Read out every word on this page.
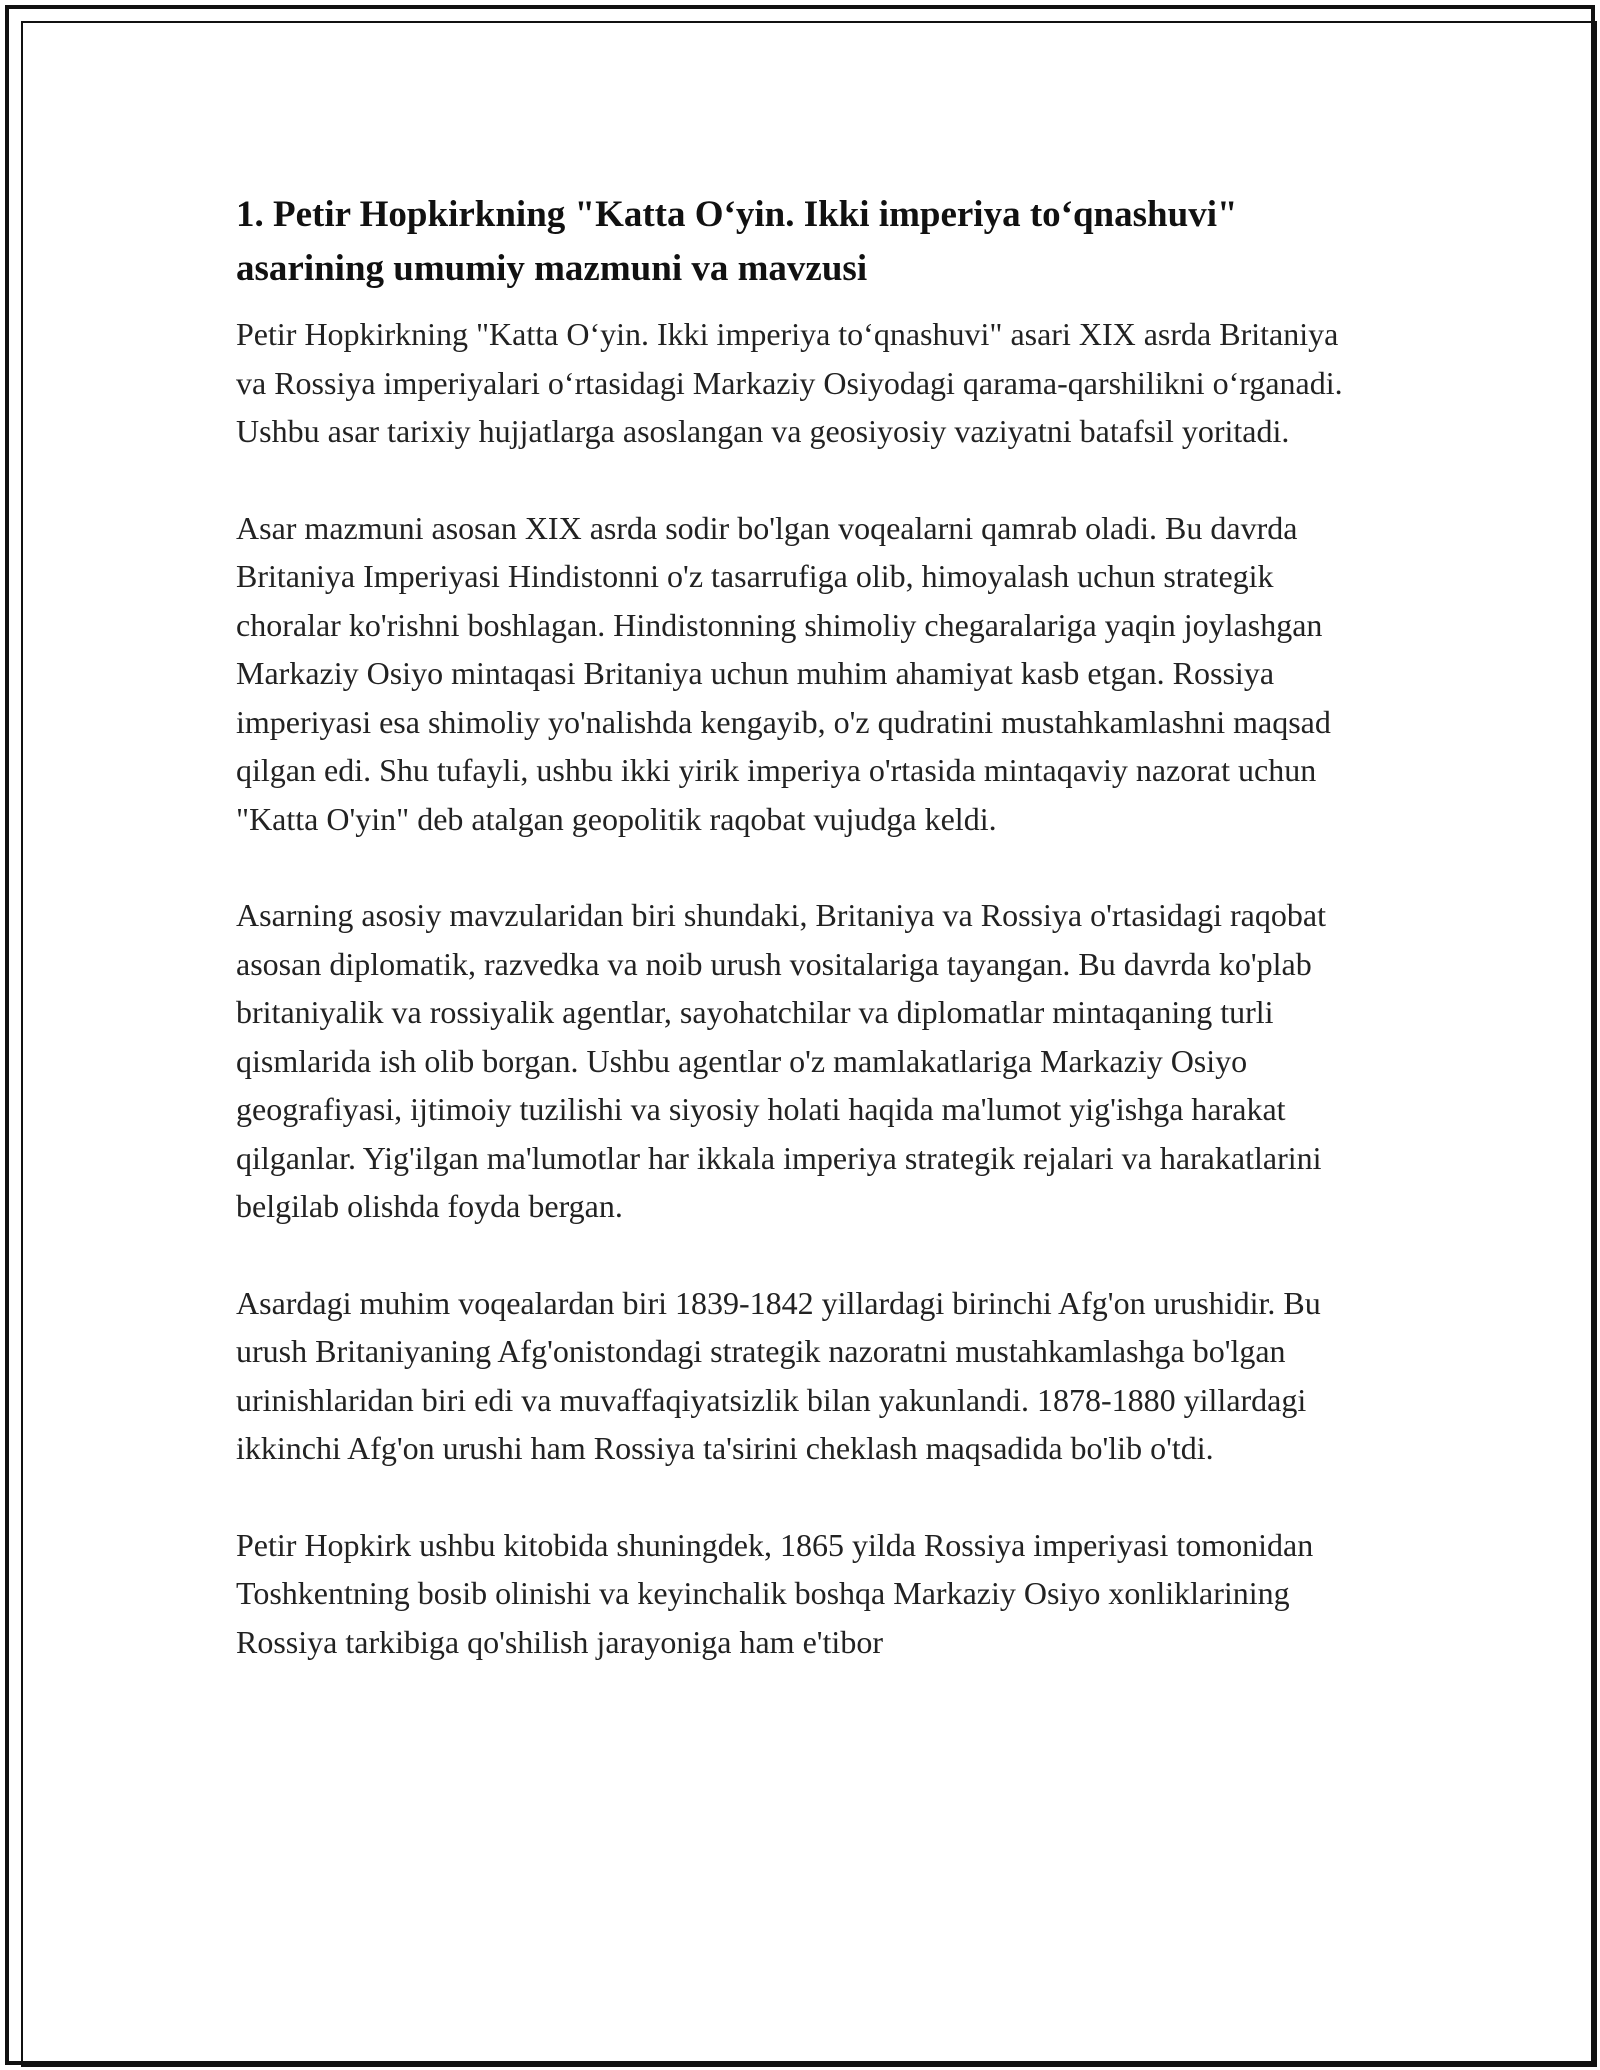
1. Petir Hopkirkning "Katta O‘yin. Ikki imperiya to‘qnashuvi" asarining umumiy mazmuni va mavzusi

Petir Hopkirkning "Katta O‘yin. Ikki imperiya to‘qnashuvi" asari XIX asrda Britaniya va Rossiya imperiyalari o‘rtasidagi Markaziy Osiyodagi qarama-qarshilikni o‘rganadi. Ushbu asar tarixiy hujjatlarga asoslangan va geosiyosiy vaziyatni batafsil yoritadi.

Asar mazmuni asosan XIX asrda sodir bo'lgan voqealarni qamrab oladi. Bu davrda Britaniya Imperiyasi Hindistonni o'z tasarrufiga olib, himoyalash uchun strategik choralar ko'rishni boshlagan. Hindistonning shimoliy chegaralariga yaqin joylashgan Markaziy Osiyo mintaqasi Britaniya uchun muhim ahamiyat kasb etgan. Rossiya imperiyasi esa shimoliy yo'nalishda kengayib, o'z qudratini mustahkamlashni maqsad qilgan edi. Shu tufayli, ushbu ikki yirik imperiya o'rtasida mintaqaviy nazorat uchun "Katta O'yin" deb atalgan geopolitik raqobat vujudga keldi.

Asarning asosiy mavzularidan biri shundaki, Britaniya va Rossiya o'rtasidagi raqobat asosan diplomatik, razvedka va noib urush vositalariga tayangan. Bu davrda ko'plab britaniyalik va rossiyalik agentlar, sayohatchilar va diplomatlar mintaqaning turli qismlarida ish olib borgan. Ushbu agentlar o'z mamlakatlariga Markaziy Osiyo geografiyasi, ijtimoiy tuzilishi va siyosiy holati haqida ma'lumot yig'ishga harakat qilganlar. Yig'ilgan ma'lumotlar har ikkala imperiya strategik rejalari va harakatlarini belgilab olishda foyda bergan.

Asardagi muhim voqealardan biri 1839-1842 yillardagi birinchi Afg'on urushidir. Bu urush Britaniyaning Afg'onistondagi strategik nazoratni mustahkamlashga bo'lgan urinishlaridan biri edi va muvaffaqiyatsizlik bilan yakunlandi. 1878-1880 yillardagi ikkinchi Afg'on urushi ham Rossiya ta'sirini cheklash maqsadida bo'lib o'tdi.

Petir Hopkirk ushbu kitobida shuningdek, 1865 yilda Rossiya imperiyasi tomonidan Toshkentning bosib olinishi va keyinchalik boshqa Markaziy Osiyo xonliklarining Rossiya tarkibiga qo'shilish jarayoniga ham e'tibor
